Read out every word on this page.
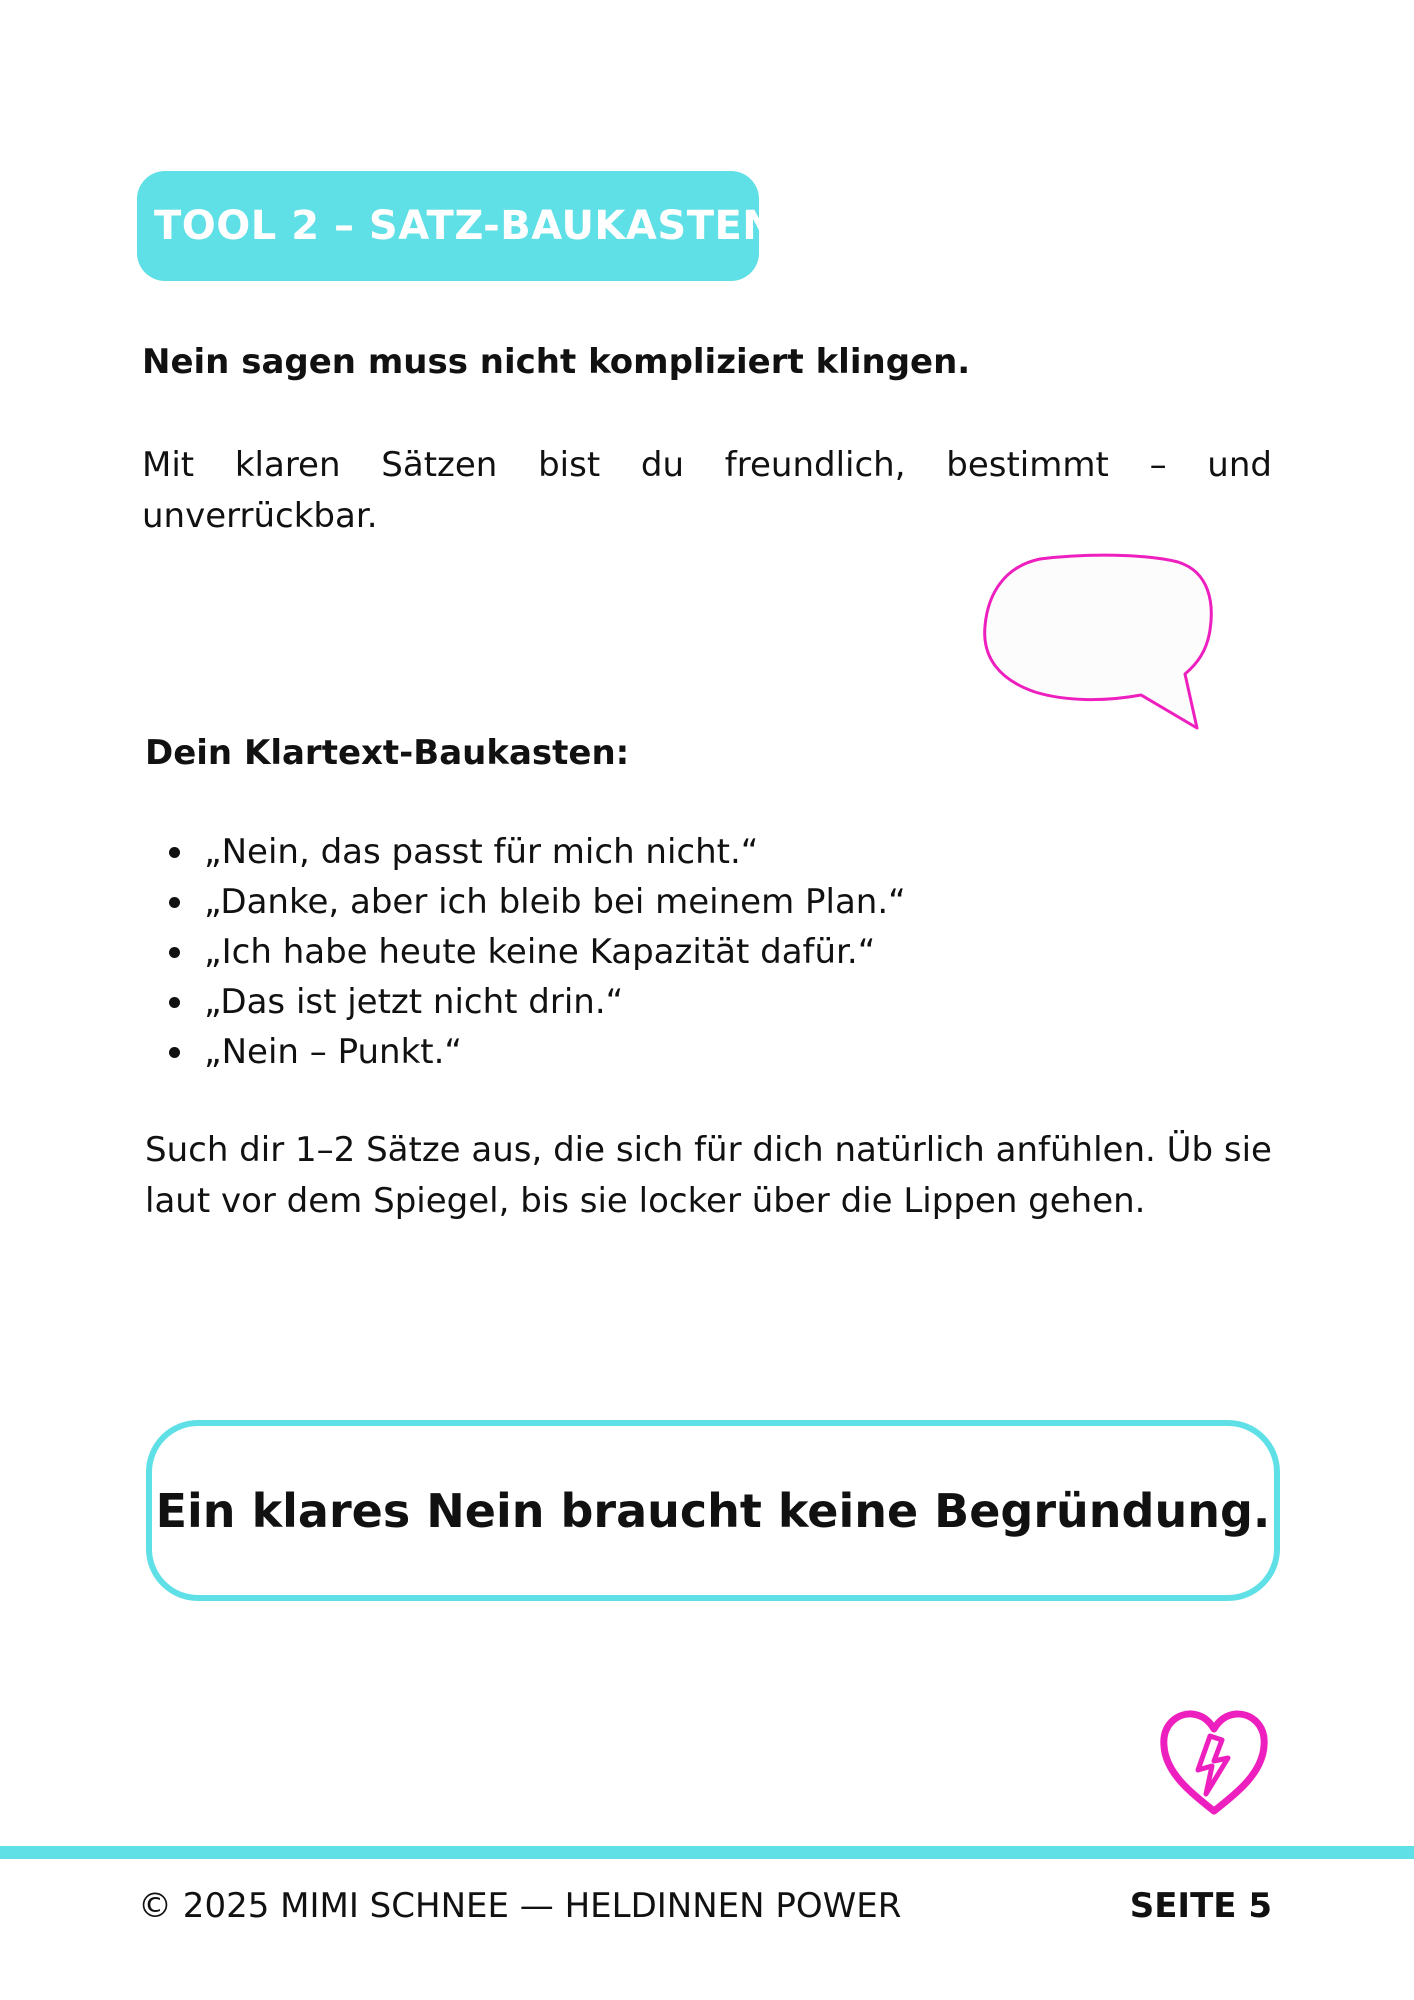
TOOL 2 – SATZ-BAUKASTEN
Nein sagen muss nicht kompliziert klingen.
Mit klaren Sätzen bist du freundlich, bestimmt – und unverrückbar.
Dein Klartext-Baukasten:
„Nein, das passt für mich nicht.“
„Danke, aber ich bleib bei meinem Plan.“
„Ich habe heute keine Kapazität dafür.“
„Das ist jetzt nicht drin.“
„Nein – Punkt.“
Such dir 1–2 Sätze aus, die sich für dich natürlich anfühlen. Üb sie laut vor dem Spiegel, bis sie locker über die Lippen gehen.
Ein klares Nein braucht keine Begründung.
© 2025 MIMI SCHNEE — HELDINNEN POWER	SEITE 5
